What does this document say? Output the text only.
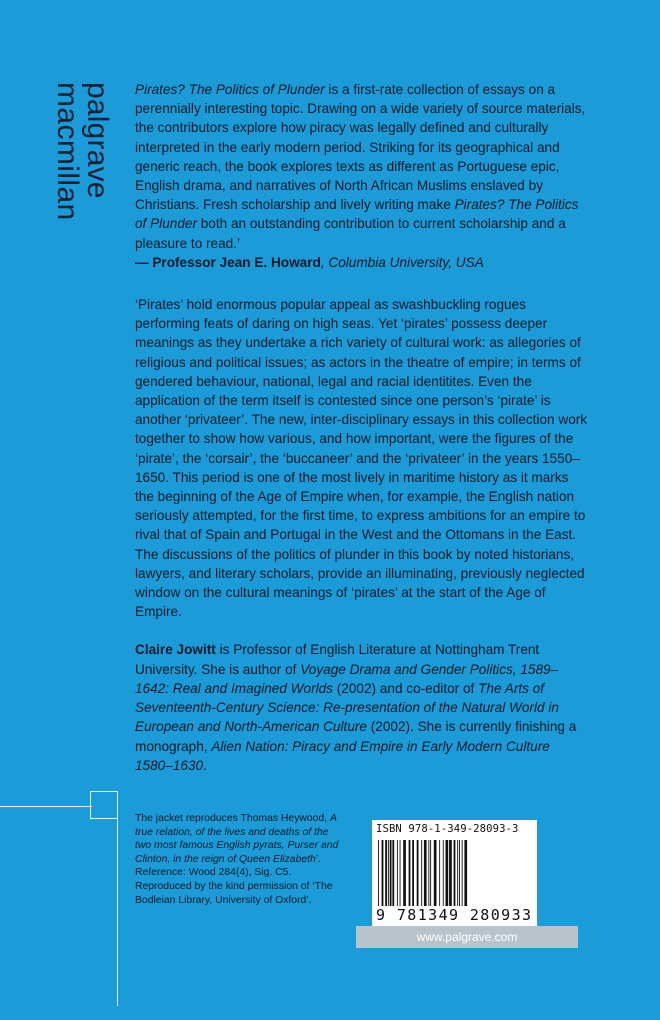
palgrave
macmillan	Pirates? The Politics of Plunder is a first-rate collection of essays on a perennially interesting topic. Drawing on a wide variety of source materials, the contributors explore how piracy was legally defined and culturally interpreted in the early modern period. Striking for its geographical and generic reach, the book explores texts as different as Portuguese epic, English drama, and narratives of North African Muslims enslaved by Christians. Fresh scholarship and lively writing make Pirates? The Politics of Plunder both an outstanding contribution to current scholarship and a pleasure to read.’

— Professor Jean E. Howard, Columbia University, USA

‘Pirates’ hold enormous popular appeal as swashbuckling rogues performing feats of daring on high seas. Yet ‘pirates’ possess deeper meanings as they undertake a rich variety of cultural work: as allegories of religious and political issues; as actors in the theatre of empire; in terms of gendered behaviour, national, legal and racial identitites. Even the application of the term itself is contested since one person’s ‘pirate’ is another ‘privateer’. The new, inter-disciplinary essays in this collection work together to show how various, and how important, were the figures of the ‘pirate’, the ‘corsair’, the ‘buccaneer’ and the ‘privateer’ in the years 1550–1650. This period is one of the most lively in maritime history as it marks the beginning of the Age of Empire when, for example, the English nation seriously attempted, for the first time, to express ambitions for an empire to rival that of Spain and Portugal in the West and the Ottomans in the East. The discussions of the politics of plunder in this book by noted historians, lawyers, and literary scholars, provide an illuminating, previously neglected window on the cultural meanings of ‘pirates’ at the start of the Age of Empire.

Claire Jowitt is Professor of English Literature at Nottingham Trent University. She is author of Voyage Drama and Gender Politics, 1589–1642: Real and Imagined Worlds (2002) and co-editor of The Arts of Seventeenth-Century Science: Re-presentation of the Natural World in European and North-American Culture (2002). She is currently finishing a monograph, Alien Nation: Piracy and Empire in Early Modern Culture 1580–1630.

The jacket reproduces Thomas Heywood, A true relation, of the lives and deaths of the two most famous English pyrats, Purser and Clinton, in the reign of Queen Elizabeth’. Reference: Wood 284(4), Sig. C5. Reproduced by the kind permission of ‘The Bodleian Library, University of Oxford’.

ISBN 978-1-349-28093-3
9 781349 280933
www.palgrave.com
